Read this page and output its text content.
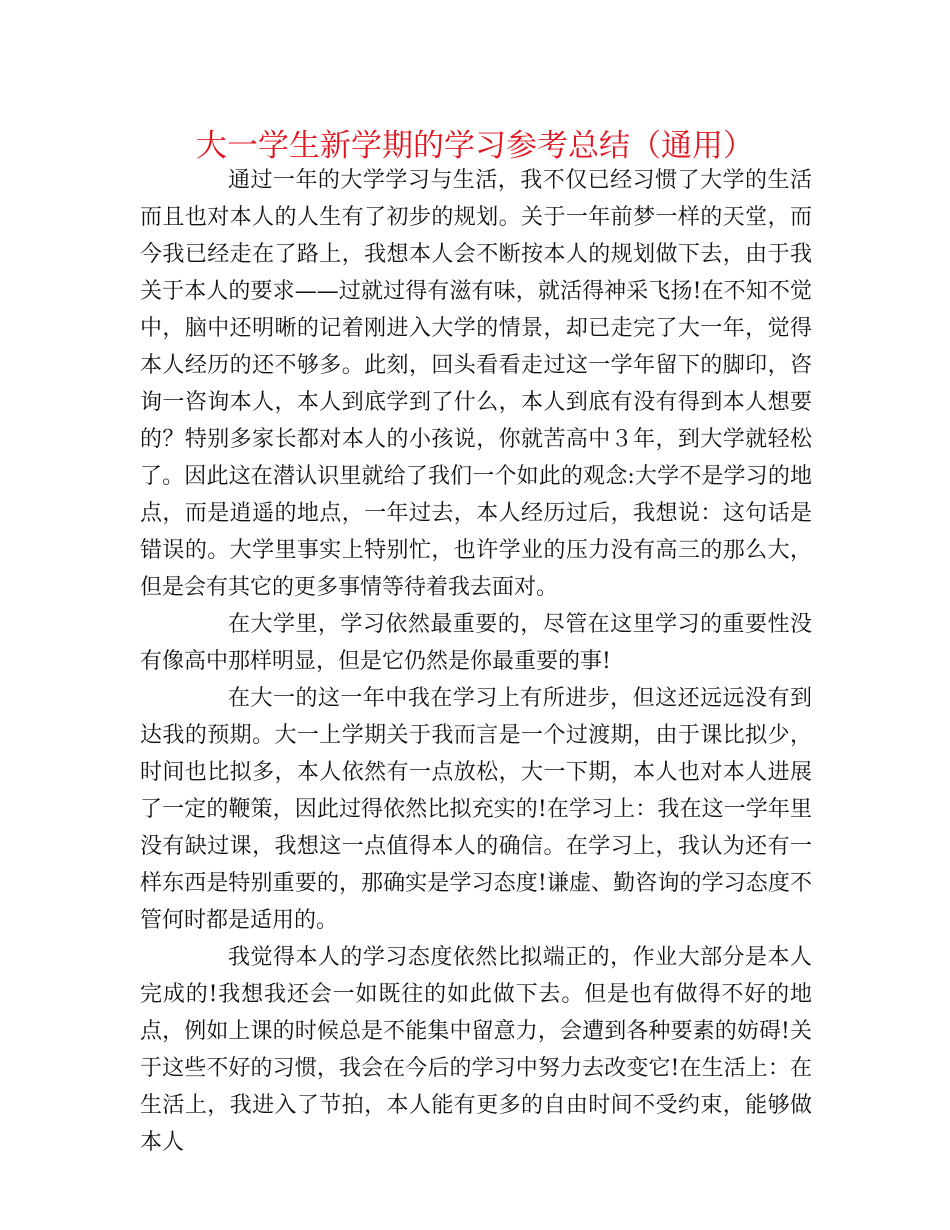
大一学生新学期的学习参考总结（通用）

通过一年的大学学习与生活，我不仅已经习惯了大学的生活而且也对本人的人生有了初步的规划。关于一年前梦一样的天堂，而今我已经走在了路上，我想本人会不断按本人的规划做下去，由于我关于本人的要求——过就过得有滋有味，就活得神采飞扬!在不知不觉中，脑中还明晰的记着刚进入大学的情景，却已走完了大一年，觉得本人经历的还不够多。此刻，回头看看走过这一学年留下的脚印，咨询一咨询本人，本人到底学到了什么，本人到底有没有得到本人想要的？特别多家长都对本人的小孩说，你就苦高中３年，到大学就轻松了。因此这在潜认识里就给了我们一个如此的观念:大学不是学习的地点，而是逍遥的地点，一年过去，本人经历过后，我想说：这句话是错误的。大学里事实上特别忙，也许学业的压力没有高三的那么大，但是会有其它的更多事情等待着我去面对。

在大学里，学习依然最重要的，尽管在这里学习的重要性没有像高中那样明显，但是它仍然是你最重要的事!

在大一的这一年中我在学习上有所进步，但这还远远没有到达我的预期。大一上学期关于我而言是一个过渡期，由于课比拟少，时间也比拟多，本人依然有一点放松，大一下期，本人也对本人进展了一定的鞭策，因此过得依然比拟充实的!在学习上：我在这一学年里没有缺过课，我想这一点值得本人的确信。在学习上，我认为还有一样东西是特别重要的，那确实是学习态度!谦虚、勤咨询的学习态度不管何时都是适用的。

我觉得本人的学习态度依然比拟端正的，作业大部分是本人完成的!我想我还会一如既往的如此做下去。但是也有做得不好的地点，例如上课的时候总是不能集中留意力，会遭到各种要素的妨碍!关于这些不好的习惯，我会在今后的学习中努力去改变它!在生活上：在生活上，我进入了节拍，本人能有更多的自由时间不受约束，能够做本人
